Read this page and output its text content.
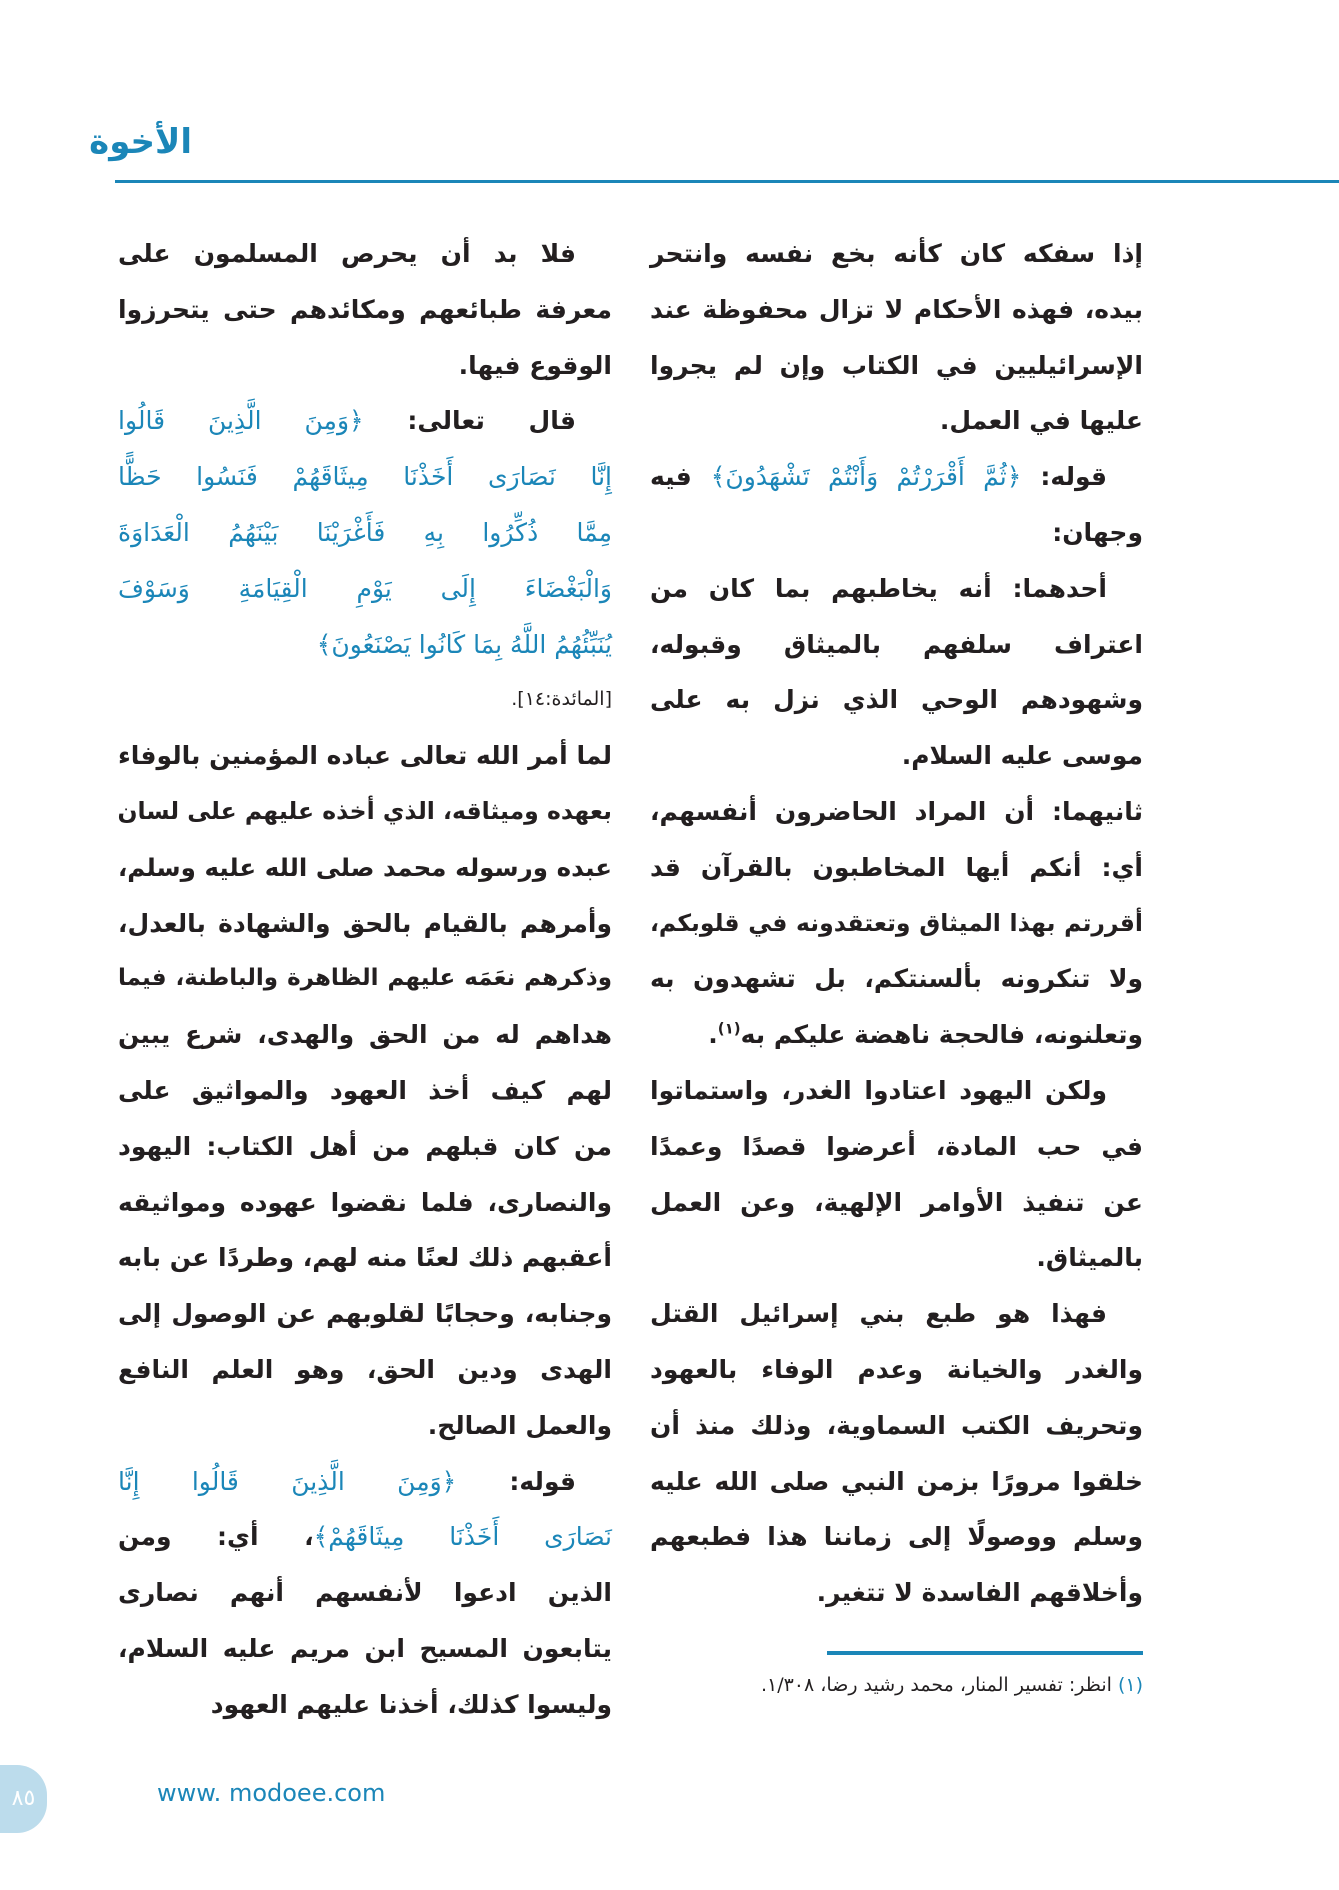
الأخوة
إذا سفكه كان كأنه بخع نفسه وانتحر
بيده، فهذه الأحكام لا تزال محفوظة عند
الإسرائيليين في الكتاب وإن لم يجروا
عليها في العمل.
قوله: ﴿ثُمَّ أَقْرَرْتُمْ وَأَنْتُمْ تَشْهَدُونَ﴾ فيه
وجهان:
أحدهما: أنه يخاطبهم بما كان من
اعتراف سلفهم بالميثاق وقبوله،
وشهودهم الوحي الذي نزل به على
موسى عليه السلام.
ثانيهما: أن المراد الحاضرون أنفسهم،
أي: أنكم أيها المخاطبون بالقرآن قد
أقررتم بهذا الميثاق وتعتقدونه في قلوبكم،
ولا تنكرونه بألسنتكم، بل تشهدون به
وتعلنونه، فالحجة ناهضة عليكم به$^{(١)}$.
ولكن اليهود اعتادوا الغدر، واستماتوا
في حب المادة، أعرضوا قصدًا وعمدًا
عن تنفيذ الأوامر الإلهية، وعن العمل
بالميثاق.
فهذا هو طبع بني إسرائيل القتل
والغدر والخيانة وعدم الوفاء بالعهود
وتحريف الكتب السماوية، وذلك منذ أن
خلقوا مرورًا بزمن النبي صلى الله عليه
وسلم ووصولًا إلى زماننا هذا فطبعهم
وأخلاقهم الفاسدة لا تتغير.
فلا بد أن يحرص المسلمون على
معرفة طبائعهم ومكائدهم حتى يتحرزوا
الوقوع فيها.
قال تعالى: ﴿وَمِنَ الَّذِينَ قَالُوا
إِنَّا نَصَارَى أَخَذْنَا مِيثَاقَهُمْ فَنَسُوا حَظًّا
مِمَّا ذُكِّرُوا بِهِ فَأَغْرَيْنَا بَيْنَهُمُ الْعَدَاوَةَ
وَالْبَغْضَاءَ إِلَى يَوْمِ الْقِيَامَةِ وَسَوْفَ
يُنَبِّئُهُمُ اللَّهُ بِمَا كَانُوا يَصْنَعُونَ﴾
[المائدة:١٤].
لما أمر الله تعالى عباده المؤمنين بالوفاء
بعهده وميثاقه، الذي أخذه عليهم على لسان
عبده ورسوله محمد صلى الله عليه وسلم،
وأمرهم بالقيام بالحق والشهادة بالعدل،
وذكرهم نعَمَه عليهم الظاهرة والباطنة، فيما
هداهم له من الحق والهدى، شرع يبين
لهم كيف أخذ العهود والمواثيق على
من كان قبلهم من أهل الكتاب: اليهود
والنصارى، فلما نقضوا عهوده ومواثيقه
أعقبهم ذلك لعنًا منه لهم، وطردًا عن بابه
وجنابه، وحجابًا لقلوبهم عن الوصول إلى
الهدى ودين الحق، وهو العلم النافع
والعمل الصالح.
قوله: ﴿وَمِنَ الَّذِينَ قَالُوا إِنَّا
نَصَارَى أَخَذْنَا مِيثَاقَهُمْ﴾، أي: ومن
الذين ادعوا لأنفسهم أنهم نصارى
يتابعون المسيح ابن مريم عليه السلام،
وليسوا كذلك، أخذنا عليهم العهود
(١) انظر: تفسير المنار، محمد رشيد رضا، ١/٣٠٨.
٨٥	www. modoee.com
